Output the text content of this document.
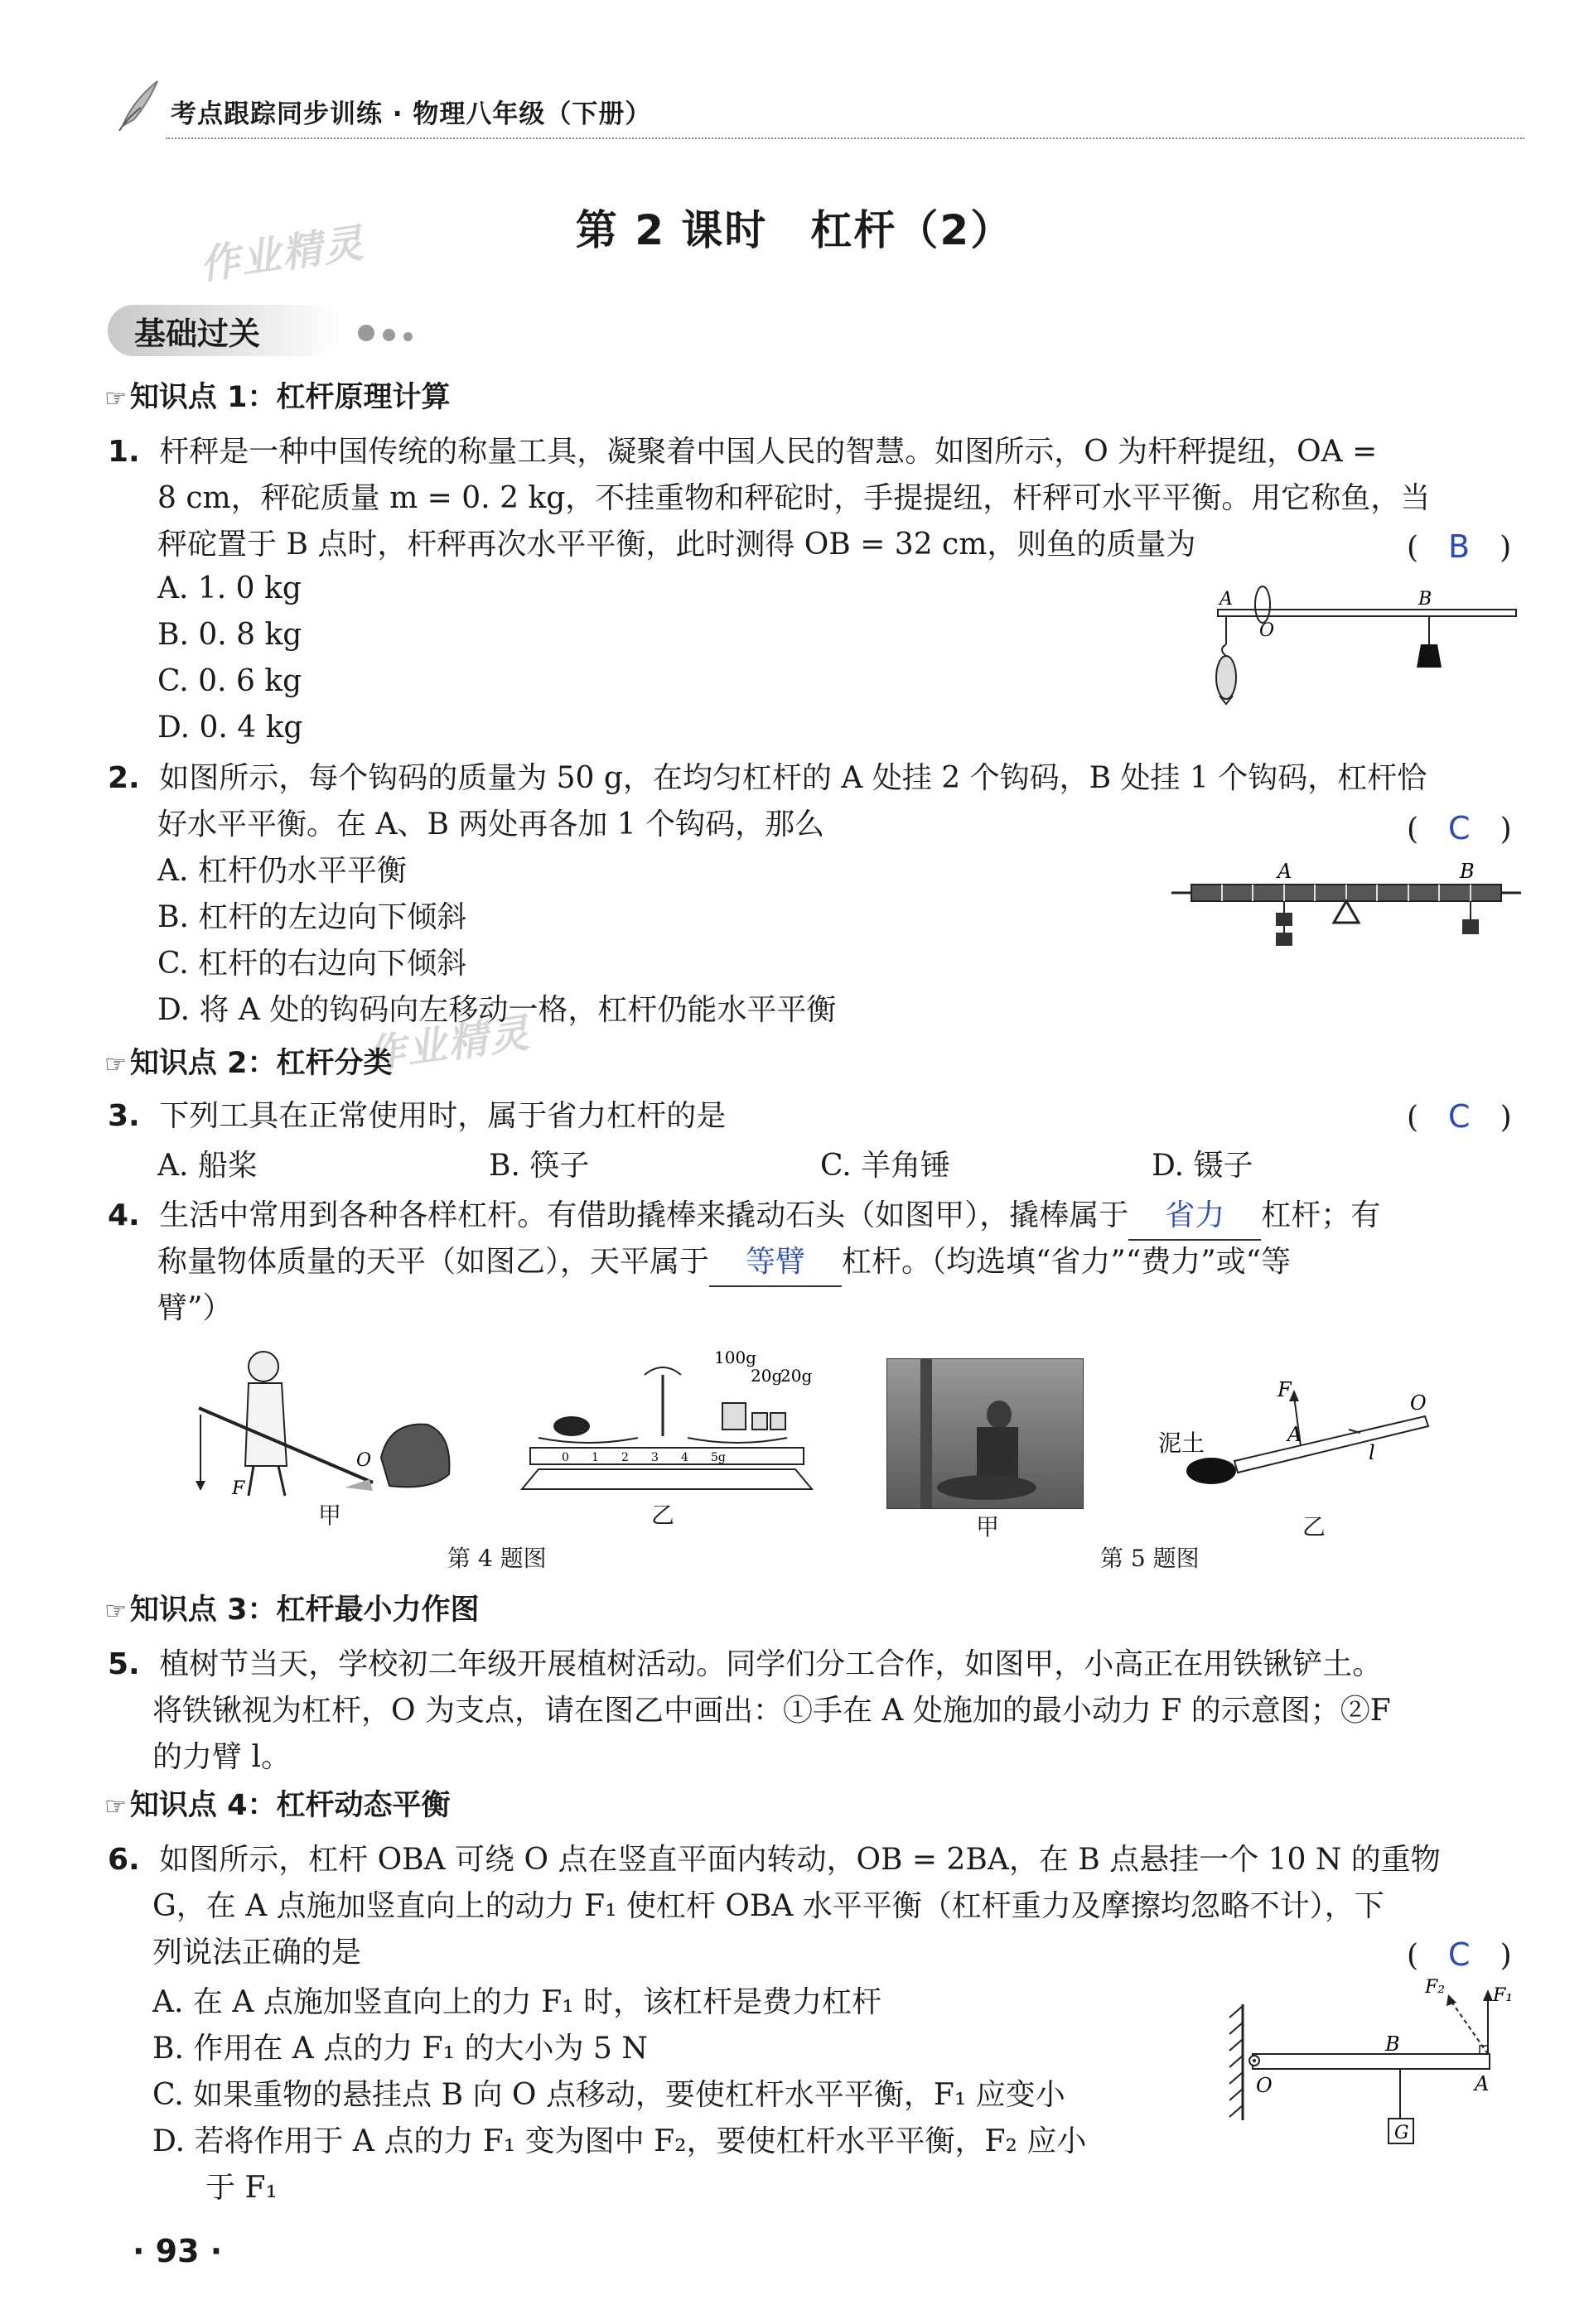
考点跟踪同步训练 · 物理八年级（下册）
作业精灵
作业精灵
第 2 课时　杠杆（2）
基础过关
☞ 知识点 1：杠杆原理计算
1. 杆秤是一种中国传统的称量工具，凝聚着中国人民的智慧。如图所示，O 为杆秤提纽，OA =
8 cm，秤砣质量 m = 0. 2 kg，不挂重物和秤砣时，手提提纽，杆秤可水平平衡。用它称鱼，当
秤砣置于 B 点时，杆秤再次水平平衡，此时测得 OB = 32 cm，则鱼的质量为	(　B　)
A. 1. 0 kg
B. 0. 8 kg
C. 0. 6 kg
D. 0. 4 kg
A
O
B
2. 如图所示，每个钩码的质量为 50 g，在均匀杠杆的 A 处挂 2 个钩码，B 处挂 1 个钩码，杠杆恰
好水平平衡。在 A、B 两处再各加 1 个钩码，那么	(　C　)
A. 杠杆仍水平平衡
B. 杠杆的左边向下倾斜
C. 杠杆的右边向下倾斜
D. 将 A 处的钩码向左移动一格，杠杆仍能水平平衡
A	B
☞ 知识点 2：杠杆分类
3. 下列工具在正常使用时，属于省力杠杆的是	(　C　)
A. 船桨	B. 筷子	C. 羊角锤	D. 镊子
4. 生活中常用到各种各样杠杆。有借助撬棒来撬动石头（如图甲），撬棒属于 省力 杠杆；有
称量物体质量的天平（如图乙），天平属于 等臂 杠杆。（均选填“省力”“费力”或“等
臂”）
F
O
甲
100g
20g
20g
0 1 2 3 4 5g
乙
第 4 题图
甲
泥土
F
A
O
l
乙
第 5 题图
☞ 知识点 3：杠杆最小力作图
5. 植树节当天，学校初二年级开展植树活动。同学们分工合作，如图甲，小高正在用铁锹铲土。
将铁锹视为杠杆，O 为支点，请在图乙中画出：①手在 A 处施加的最小动力 F 的示意图；②F
的力臂 l。
☞ 知识点 4：杠杆动态平衡
6. 如图所示，杠杆 OBA 可绕 O 点在竖直平面内转动，OB = 2BA，在 B 点悬挂一个 10 N 的重物
G，在 A 点施加竖直向上的动力 F₁ 使杠杆 OBA 水平平衡（杠杆重力及摩擦均忽略不计），下
列说法正确的是	(　C　)
A. 在 A 点施加竖直向上的力 F₁ 时，该杠杆是费力杠杆
B. 作用在 A 点的力 F₁ 的大小为 5 N
C. 如果重物的悬挂点 B 向 O 点移动，要使杠杆水平平衡，F₁ 应变小
D. 若将作用于 A 点的力 F₁ 变为图中 F₂，要使杠杆水平平衡，F₂ 应小
于 F₁
O
B
A
G
F₁
F₂
· 93 ·
